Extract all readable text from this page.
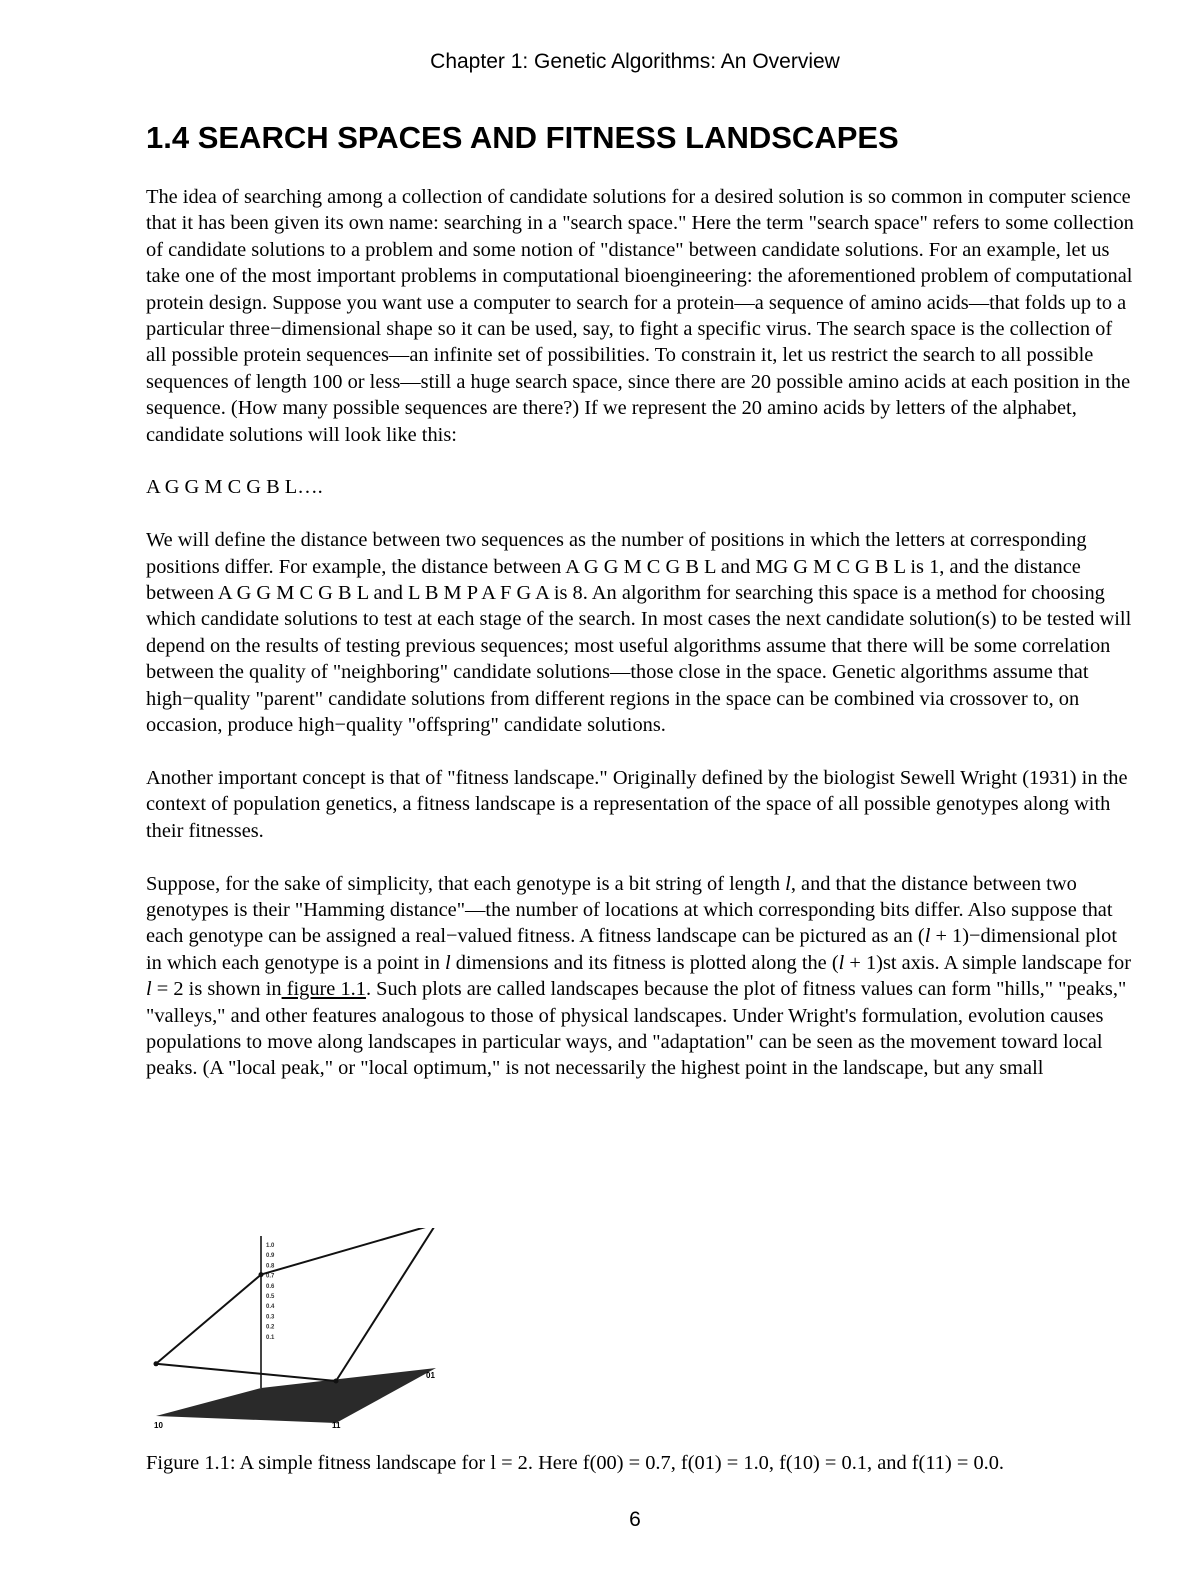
Chapter 1: Genetic Algorithms: An Overview
1.4 SEARCH SPACES AND FITNESS LANDSCAPES

The idea of searching among a collection of candidate solutions for a desired solution is so common in computer science that it has been given its own name: searching in a "search space." Here the term "search space" refers to some collection of candidate solutions to a problem and some notion of "distance" between candidate solutions. For an example, let us take one of the most important problems in computational bioengineering: the aforementioned problem of computational protein design. Suppose you want use a computer to search for a protein—a sequence of amino acids—that folds up to a particular three−dimensional shape so it can be used, say, to fight a specific virus. The search space is the collection of all possible protein sequences—an infinite set of possibilities. To constrain it, let us restrict the search to all possible sequences of length 100 or less—still a huge search space, since there are 20 possible amino acids at each position in the sequence. (How many possible sequences are there?) If we represent the 20 amino acids by letters of the alphabet, candidate solutions will look like this:

A G G M C G B L….

We will define the distance between two sequences as the number of positions in which the letters at corresponding positions differ. For example, the distance between A G G M C G B L and MG G M C G B L is 1, and the distance between A G G M C G B L and L B M P A F G A is 8. An algorithm for searching this space is a method for choosing which candidate solutions to test at each stage of the search. In most cases the next candidate solution(s) to be tested will depend on the results of testing previous sequences; most useful algorithms assume that there will be some correlation between the quality of "neighboring" candidate solutions—those close in the space. Genetic algorithms assume that high−quality "parent" candidate solutions from different regions in the space can be combined via crossover to, on occasion, produce high−quality "offspring" candidate solutions.

Another important concept is that of "fitness landscape." Originally defined by the biologist Sewell Wright (1931) in the context of population genetics, a fitness landscape is a representation of the space of all possible genotypes along with their fitnesses.

Suppose, for the sake of simplicity, that each genotype is a bit string of length l, and that the distance between two genotypes is their "Hamming distance"—the number of locations at which corresponding bits differ. Also suppose that each genotype can be assigned a real−valued fitness. A fitness landscape can be pictured as an (l + 1)−dimensional plot in which each genotype is a point in l dimensions and its fitness is plotted along the (l + 1)st axis. A simple landscape for l = 2 is shown in figure 1.1. Such plots are called landscapes because the plot of fitness values can form "hills," "peaks," "valleys," and other features analogous to those of physical landscapes. Under Wright's formulation, evolution causes populations to move along landscapes in particular ways, and "adaptation" can be seen as the movement toward local peaks. (A "local peak," or "local optimum," is not necessarily the highest point in the landscape, but any small

1.0
0.9
0.8
0.7
0.6
0.5
0.4
0.3
0.2
0.1
10	11
01
Figure 1.1: A simple fitness landscape for l = 2. Here f(00) = 0.7, f(01) = 1.0, f(10) = 0.1, and f(11) = 0.0.
6
